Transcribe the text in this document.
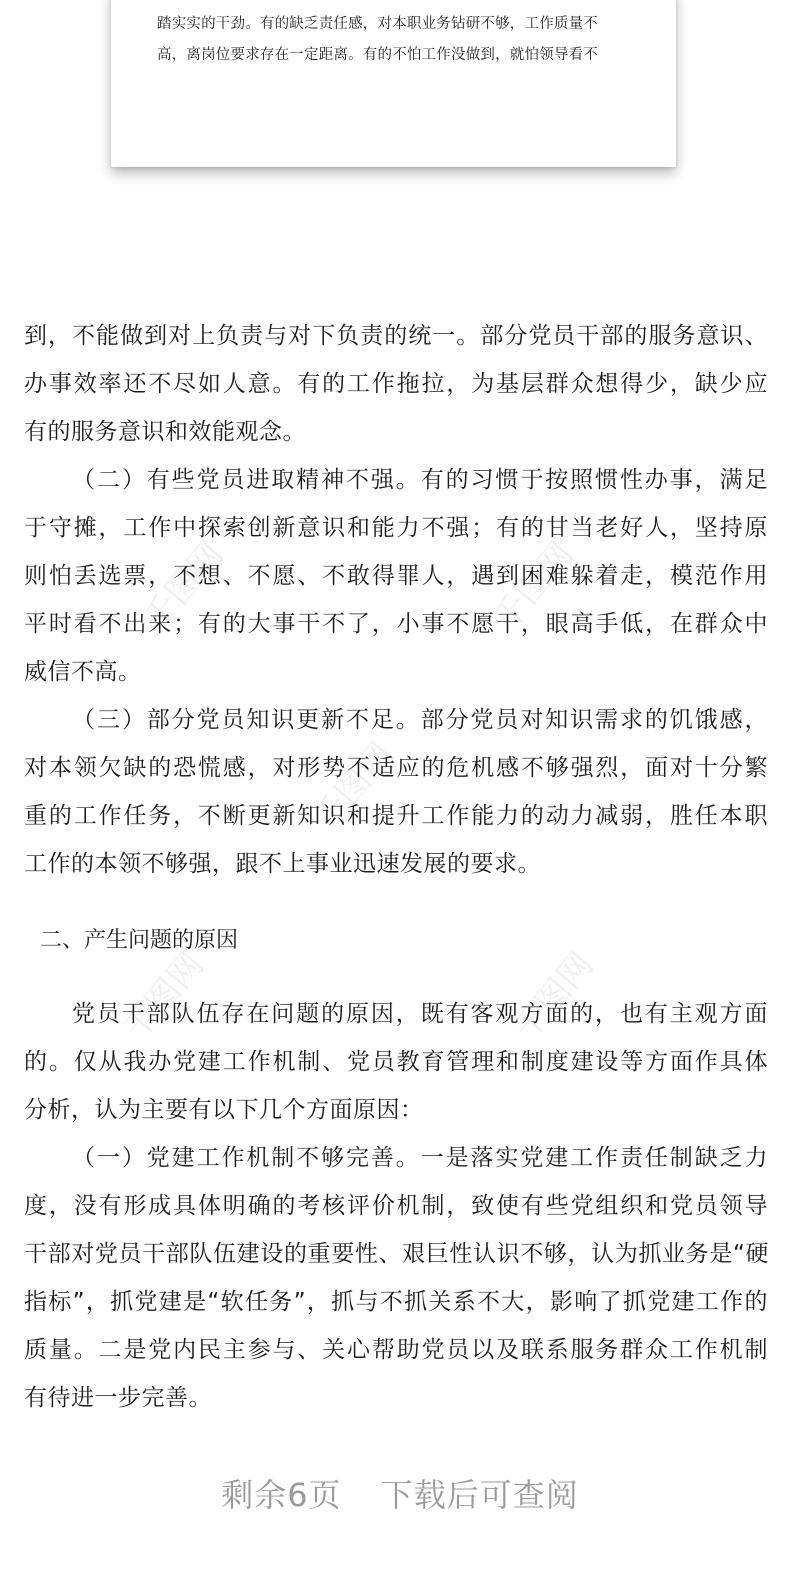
踏实实的干劲。有的缺乏责任感，对本职业务钻研不够，工作质量不
高，离岗位要求存在一定距离。有的不怕工作没做到，就怕领导看不
千图网	千图网
千图网
千图网	千图网
到，不能做到对上负责与对下负责的统一。部分党员干部的服务意识、
办事效率还不尽如人意。有的工作拖拉，为基层群众想得少，缺少应
有的服务意识和效能观念。
（二）有些党员进取精神不强。有的习惯于按照惯性办事，满足
于守摊，工作中探索创新意识和能力不强；有的甘当老好人，坚持原
则怕丢选票，不想、不愿、不敢得罪人，遇到困难躲着走，模范作用
平时看不出来；有的大事干不了，小事不愿干，眼高手低，在群众中
威信不高。
（三）部分党员知识更新不足。部分党员对知识需求的饥饿感，
对本领欠缺的恐慌感，对形势不适应的危机感不够强烈，面对十分繁
重的工作任务，不断更新知识和提升工作能力的动力减弱，胜任本职
工作的本领不够强，跟不上事业迅速发展的要求。
二、产生问题的原因
党员干部队伍存在问题的原因，既有客观方面的，也有主观方面
的。仅从我办党建工作机制、党员教育管理和制度建设等方面作具体
分析，认为主要有以下几个方面原因：
（一）党建工作机制不够完善。一是落实党建工作责任制缺乏力
度，没有形成具体明确的考核评价机制，致使有些党组织和党员领导
干部对党员干部队伍建设的重要性、艰巨性认识不够，认为抓业务是“硬
指标”，抓党建是“软任务”，抓与不抓关系不大，影响了抓党建工作的
质量。二是党内民主参与、关心帮助党员以及联系服务群众工作机制
有待进一步完善。
剩余6页 下载后可查阅
